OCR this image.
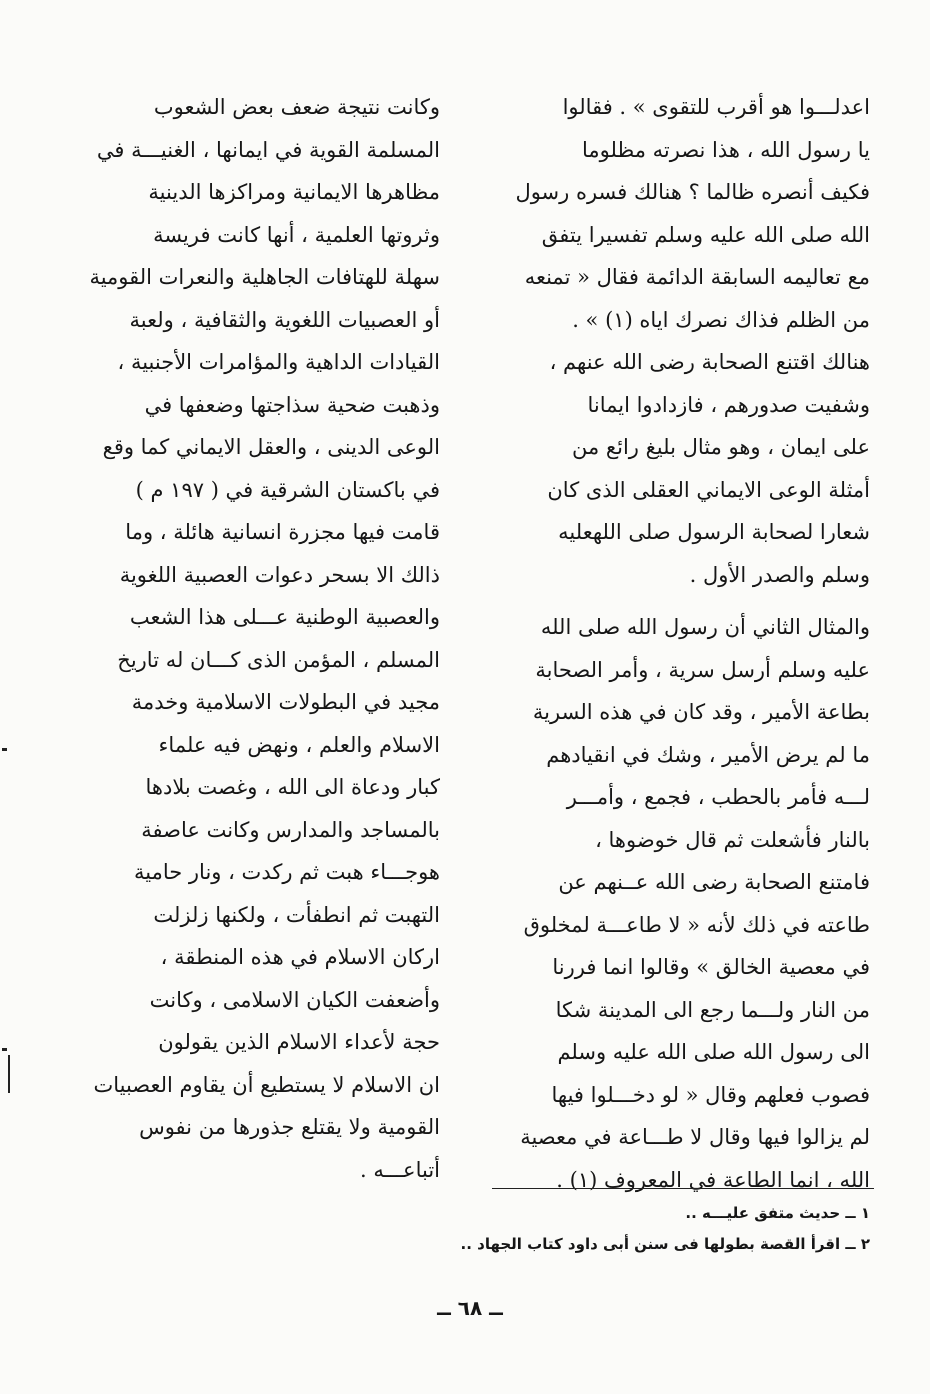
اعدلـــوا هو أقرب للتقوى » . فقالوا
يا رسول الله ، هذا نصرته مظلوما
فكيف أنصره ظالما ؟ هنالك فسره رسول
الله صلى الله عليه وسلم تفسيرا يتفق
مع تعاليمه السابقة الدائمة فقال « تمنعه
من الظلم فذاك نصرك اياه (١) » .
هنالك اقتنع الصحابة رضى الله عنهم ،
وشفيت صدورهم ، فازدادوا ايمانا
على ايمان ، وهو مثال بليغ رائع من
أمثلة الوعى الايماني العقلى الذى كان
شعارا لصحابة الرسول صلى اللهعليه
وسلم والصدر الأول .
والمثال الثاني أن رسول الله صلى الله
عليه وسلم أرسل سرية ، وأمر الصحابة
بطاعة الأمير ، وقد كان في هذه السرية
ما لم يرض الأمير ، وشك في انقيادهم
لـــه فأمر بالحطب ، فجمع ، وأمـــر
بالنار فأشعلت ثم قال خوضوها ،
فامتنع الصحابة رضى الله عــنهم عن
طاعته في ذلك لأنه « لا طاعـــة لمخلوق
في معصية الخالق » وقالوا انما فررنا
من النار ولـــما رجع الى المدينة شكا
الى رسول الله صلى الله عليه وسلم
فصوب فعلهم وقال « لو دخـــلوا فيها
لم يزالوا فيها وقال لا طـــاعة في معصية
الله ، انما الطاعة في المعروف (١) .
وكانت نتيجة ضعف بعض الشعوب
المسلمة القوية في ايمانها ، الغنيـــة في
مظاهرها الايمانية ومراكزها الدينية
وثروتها العلمية ، أنها كانت فريسة
سهلة للهتافات الجاهلية والنعرات القومية
أو العصبيات اللغوية والثقافية ، ولعبة
القيادات الداهية والمؤامرات الأجنبية ،
وذهبت ضحية سذاجتها وضعفها في
الوعى الدينى ، والعقل الايماني كما وقع
في باكستان الشرقية في ( ١٩٧ م )
قامت فيها مجزرة انسانية هائلة ، وما
ذالك الا بسحر دعوات العصبية اللغوية
والعصبية الوطنية عـــلى هذا الشعب
المسلم ، المؤمن الذى كـــان له تاريخ
مجيد في البطولات الاسلامية وخدمة
الاسلام والعلم ، ونهض فيه علماء
كبار ودعاة الى الله ، وغصت بلادها
بالمساجد والمدارس وكانت عاصفة
هوجـــاء هبت ثم ركدت ، ونار حامية
التهبت ثم انطفأت ، ولكنها زلزلت
اركان الاسلام في هذه المنطقة ،
وأضعفت الكيان الاسلامى ، وكانت
حجة لأعداء الاسلام الذين يقولون
ان الاسلام لا يستطيع أن يقاوم العصبيات
القومية ولا يقتلع جذورها من نفوس
أتباعـــه .
١ ــ حديث متفق عليـــه ..
٢ ــ اقرأ القصة بطولها فى سنن أبى داود كتاب الجهاد ..
ــ ٦٨ ــ
